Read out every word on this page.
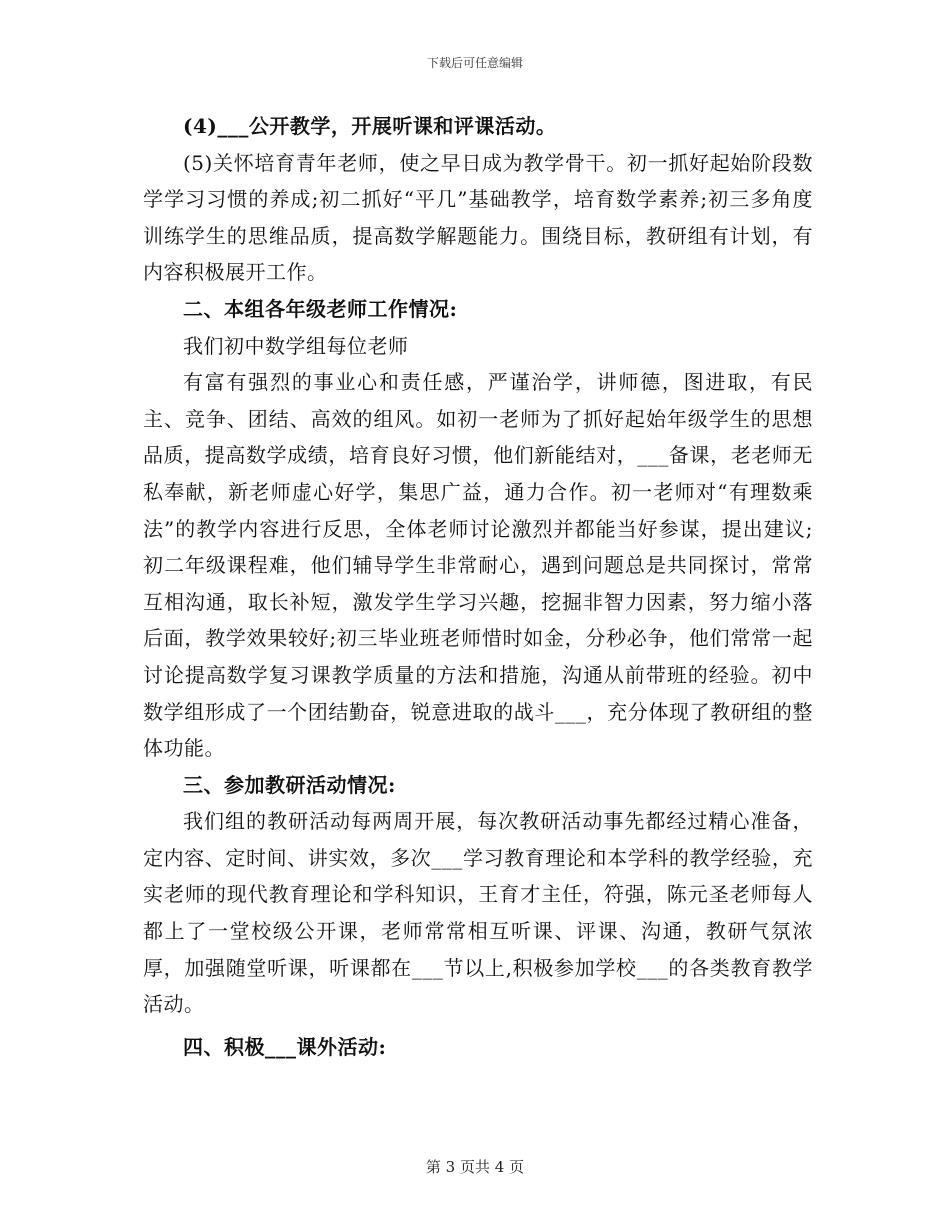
下载后可任意编辑

(4)___公开教学，开展听课和评课活动。

(5)关怀培育青年老师，使之早日成为教学骨干。初一抓好起始阶段数学学习习惯的养成;初二抓好“平几”基础教学，培育数学素养;初三多角度训练学生的思维品质，提高数学解题能力。围绕目标，教研组有计划，有内容积极展开工作。

二、本组各年级老师工作情况:

我们初中数学组每位老师

有富有强烈的事业心和责任感，严谨治学，讲师德，图进取，有民主、竞争、团结、高效的组风。如初一老师为了抓好起始年级学生的思想品质，提高数学成绩，培育良好习惯，他们新能结对，___备课，老老师无私奉献，新老师虚心好学，集思广益，通力合作。初一老师对“有理数乘法”的教学内容进行反思，全体老师讨论激烈并都能当好参谋，提出建议;初二年级课程难，他们辅导学生非常耐心，遇到问题总是共同探讨，常常互相沟通，取长补短，激发学生学习兴趣，挖掘非智力因素，努力缩小落后面，教学效果较好;初三毕业班老师惜时如金，分秒必争，他们常常一起讨论提高数学复习课教学质量的方法和措施，沟通从前带班的经验。初中数学组形成了一个团结勤奋，锐意进取的战斗___，充分体现了教研组的整体功能。

三、参加教研活动情况:

我们组的教研活动每两周开展，每次教研活动事先都经过精心准备，定内容、定时间、讲实效，多次___学习教育理论和本学科的教学经验，充实老师的现代教育理论和学科知识，王育才主任，符强，陈元圣老师每人都上了一堂校级公开课，老师常常相互听课、评课、沟通，教研气氛浓厚，加强随堂听课，听课都在___节以上,积极参加学校___的各类教育教学活动。

四、积极___课外活动:

第 3 页共 4 页
